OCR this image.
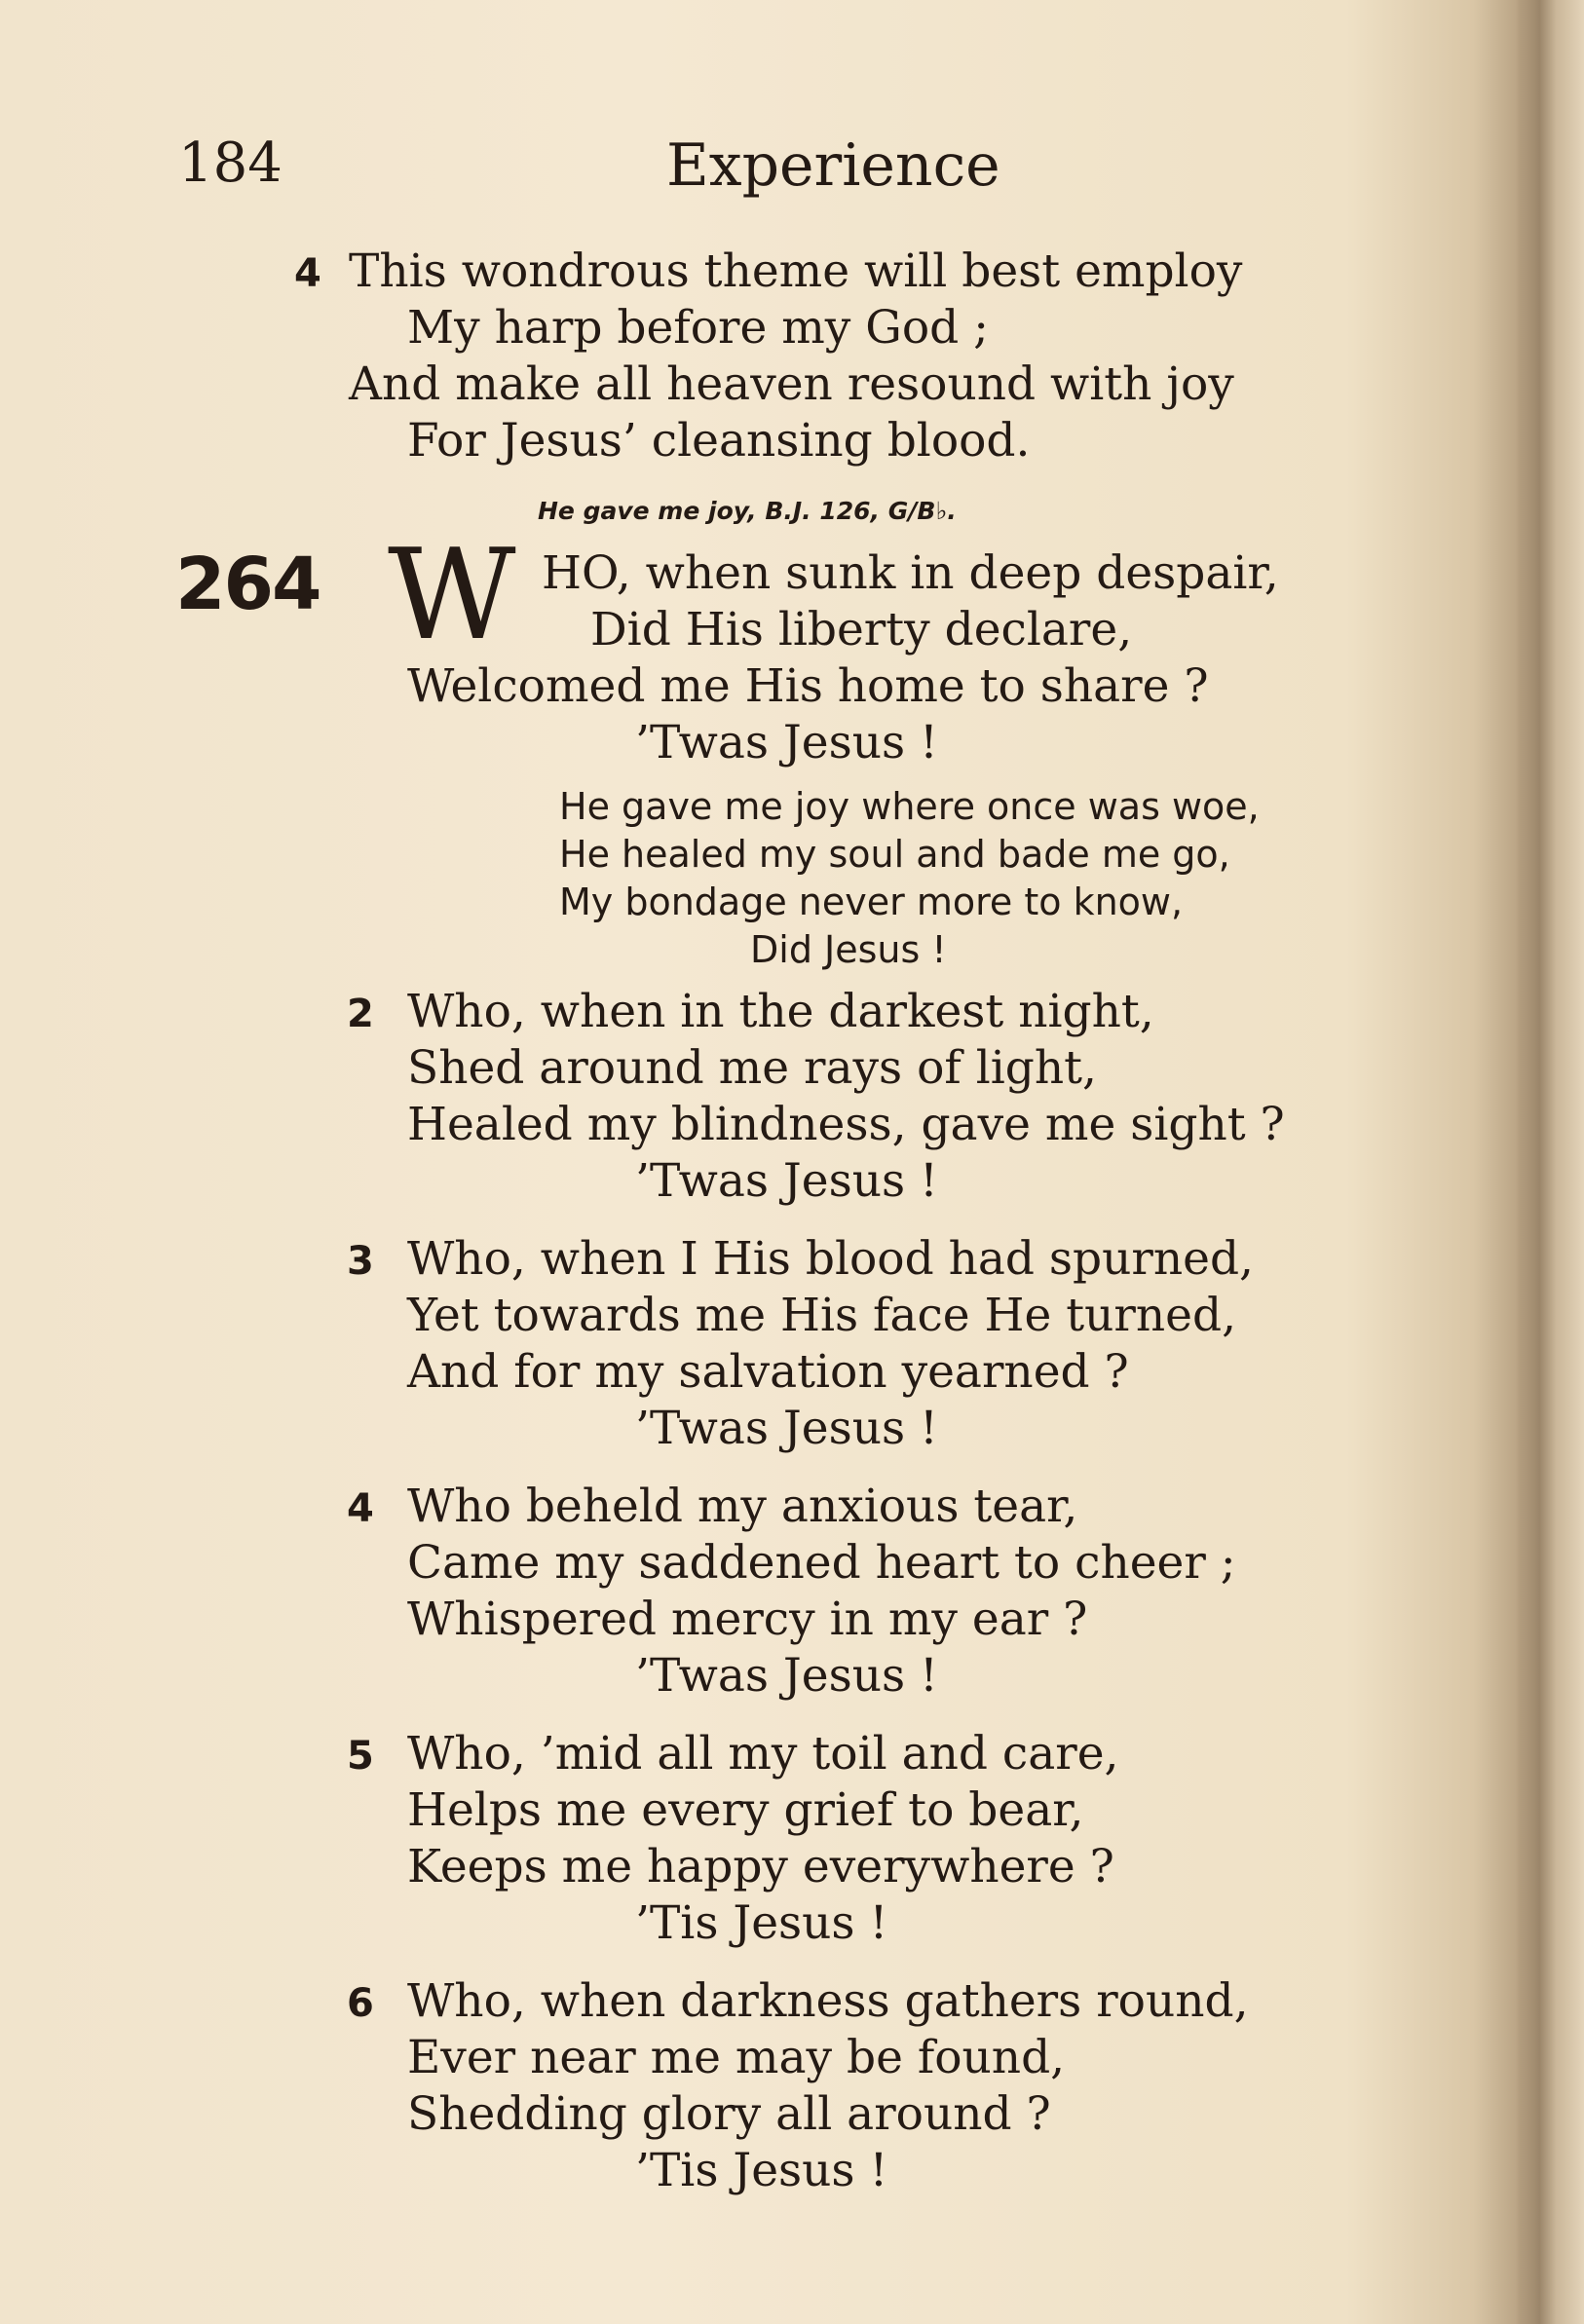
184	Experience
4 This wondrous theme will best employ
My harp before my God ;
And make all heaven resound with joy
For Jesus’ cleansing blood.
He gave me joy, B.J. 126, G/B♭.
264 W HO, when sunk in deep despair,
Did His liberty declare,
Welcomed me His home to share ?
’Twas Jesus !
He gave me joy where once was woe,
He healed my soul and bade me go,
My bondage never more to know,
Did Jesus !
2 Who, when in the darkest night,
Shed around me rays of light,
Healed my blindness, gave me sight ?
’Twas Jesus !
3 Who, when I His blood had spurned,
Yet towards me His face He turned,
And for my salvation yearned ?
’Twas Jesus !
4 Who beheld my anxious tear,
Came my saddened heart to cheer ;
Whispered mercy in my ear ?
’Twas Jesus !
5 Who, ’mid all my toil and care,
Helps me every grief to bear,
Keeps me happy everywhere ?
’Tis Jesus !
6 Who, when darkness gathers round,
Ever near me may be found,
Shedding glory all around ?
’Tis Jesus !
